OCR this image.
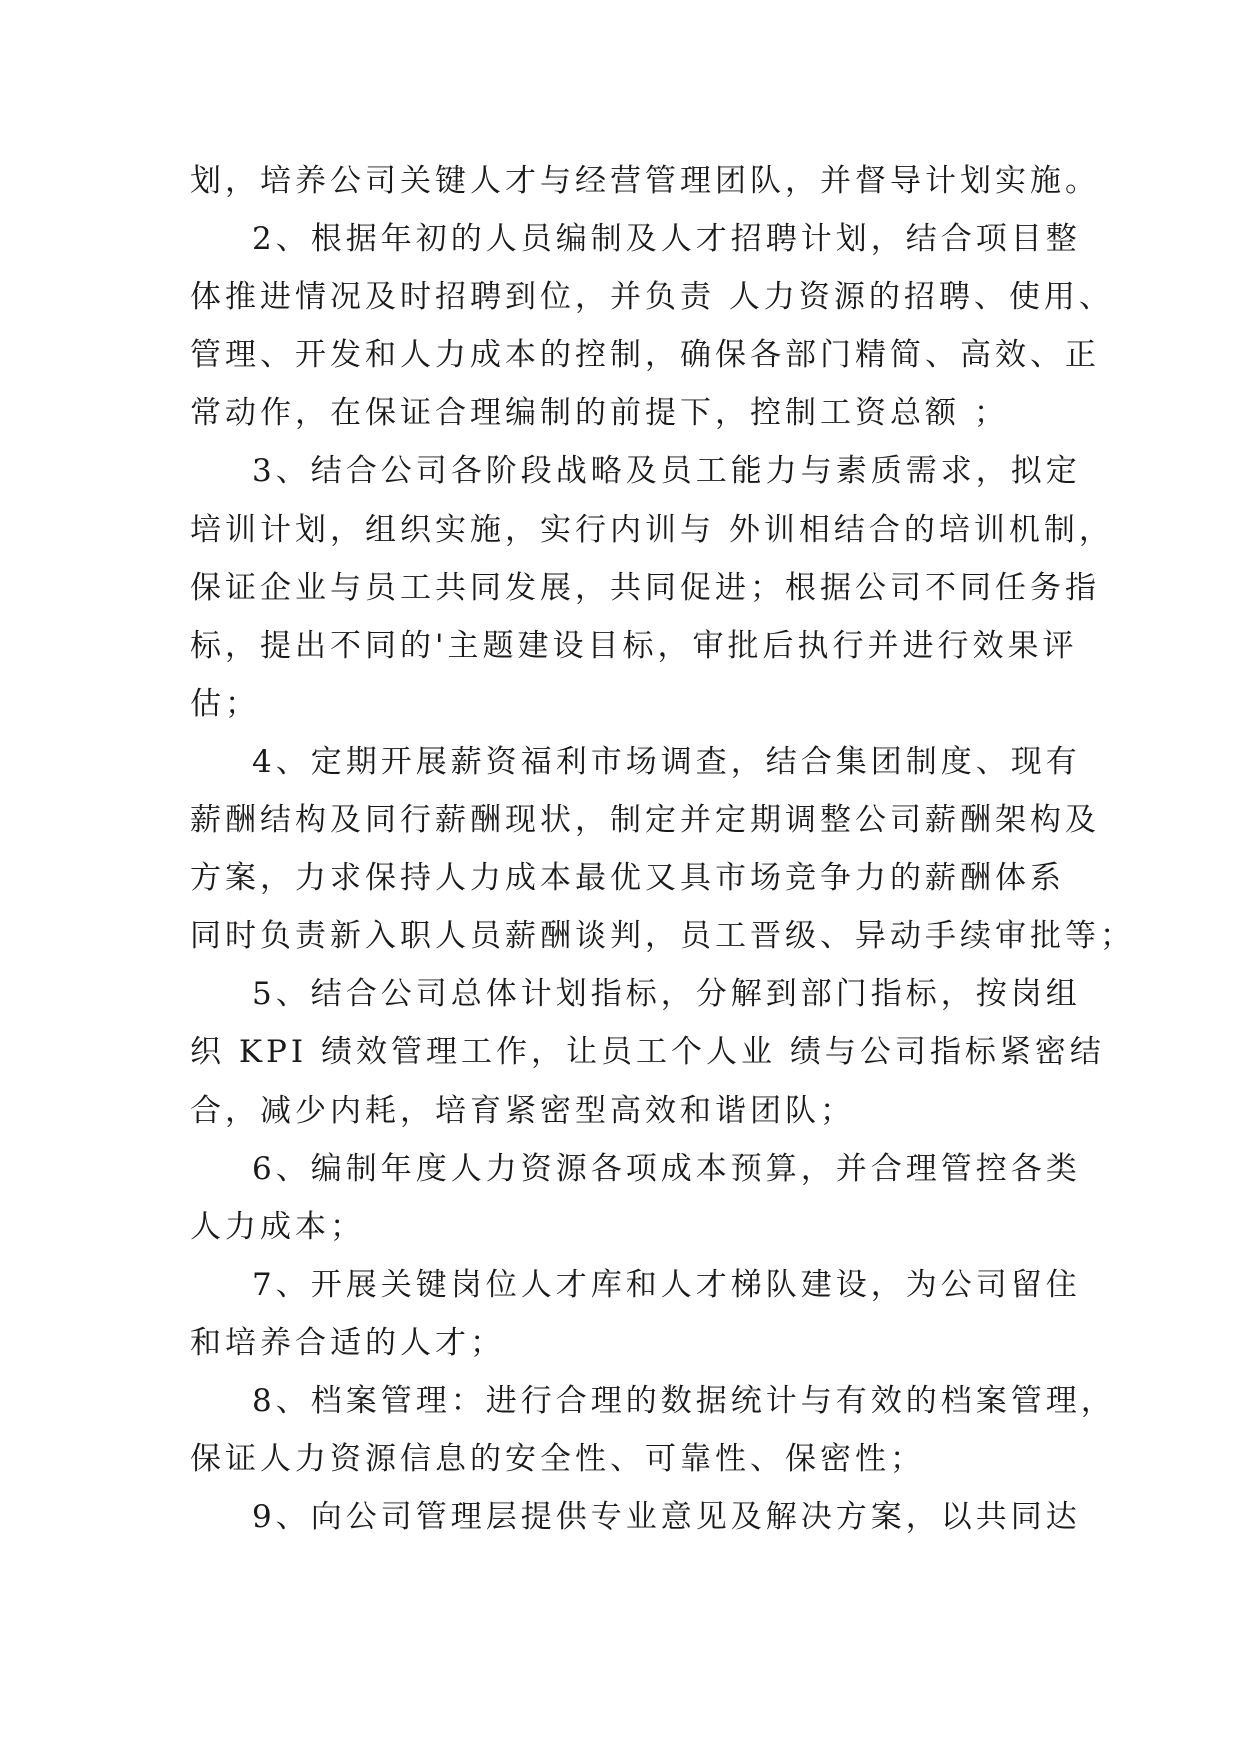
划，培养公司关键人才与经营管理团队，并督导计划实施。
2、根据年初的人员编制及人才招聘计划，结合项目整
体推进情况及时招聘到位，并负责 人力资源的招聘、使用、
管理、开发和人力成本的控制，确保各部门精简、高效、正
常动作，在保证合理编制的前提下，控制工资总额 ；
3、结合公司各阶段战略及员工能力与素质需求，拟定
培训计划，组织实施，实行内训与 外训相结合的培训机制，
保证企业与员工共同发展，共同促进；根据公司不同任务指
标，提出不同的'主题建设目标，审批后执行并进行效果评
估；
4、定期开展薪资福利市场调查，结合集团制度、现有
薪酬结构及同行薪酬现状，制定并定期调整公司薪酬架构及
方案，力求保持人力成本最优又具市场竞争力的薪酬体系
同时负责新入职人员薪酬谈判，员工晋级、异动手续审批等；
5、结合公司总体计划指标，分解到部门指标，按岗组
织 KPI 绩效管理工作，让员工个人业 绩与公司指标紧密结
合，减少内耗，培育紧密型高效和谐团队；
6、编制年度人力资源各项成本预算，并合理管控各类
人力成本；
7、开展关键岗位人才库和人才梯队建设，为公司留住
和培养合适的人才；
8、档案管理：进行合理的数据统计与有效的档案管理，
保证人力资源信息的安全性、可靠性、保密性；
9、向公司管理层提供专业意见及解决方案，以共同达
